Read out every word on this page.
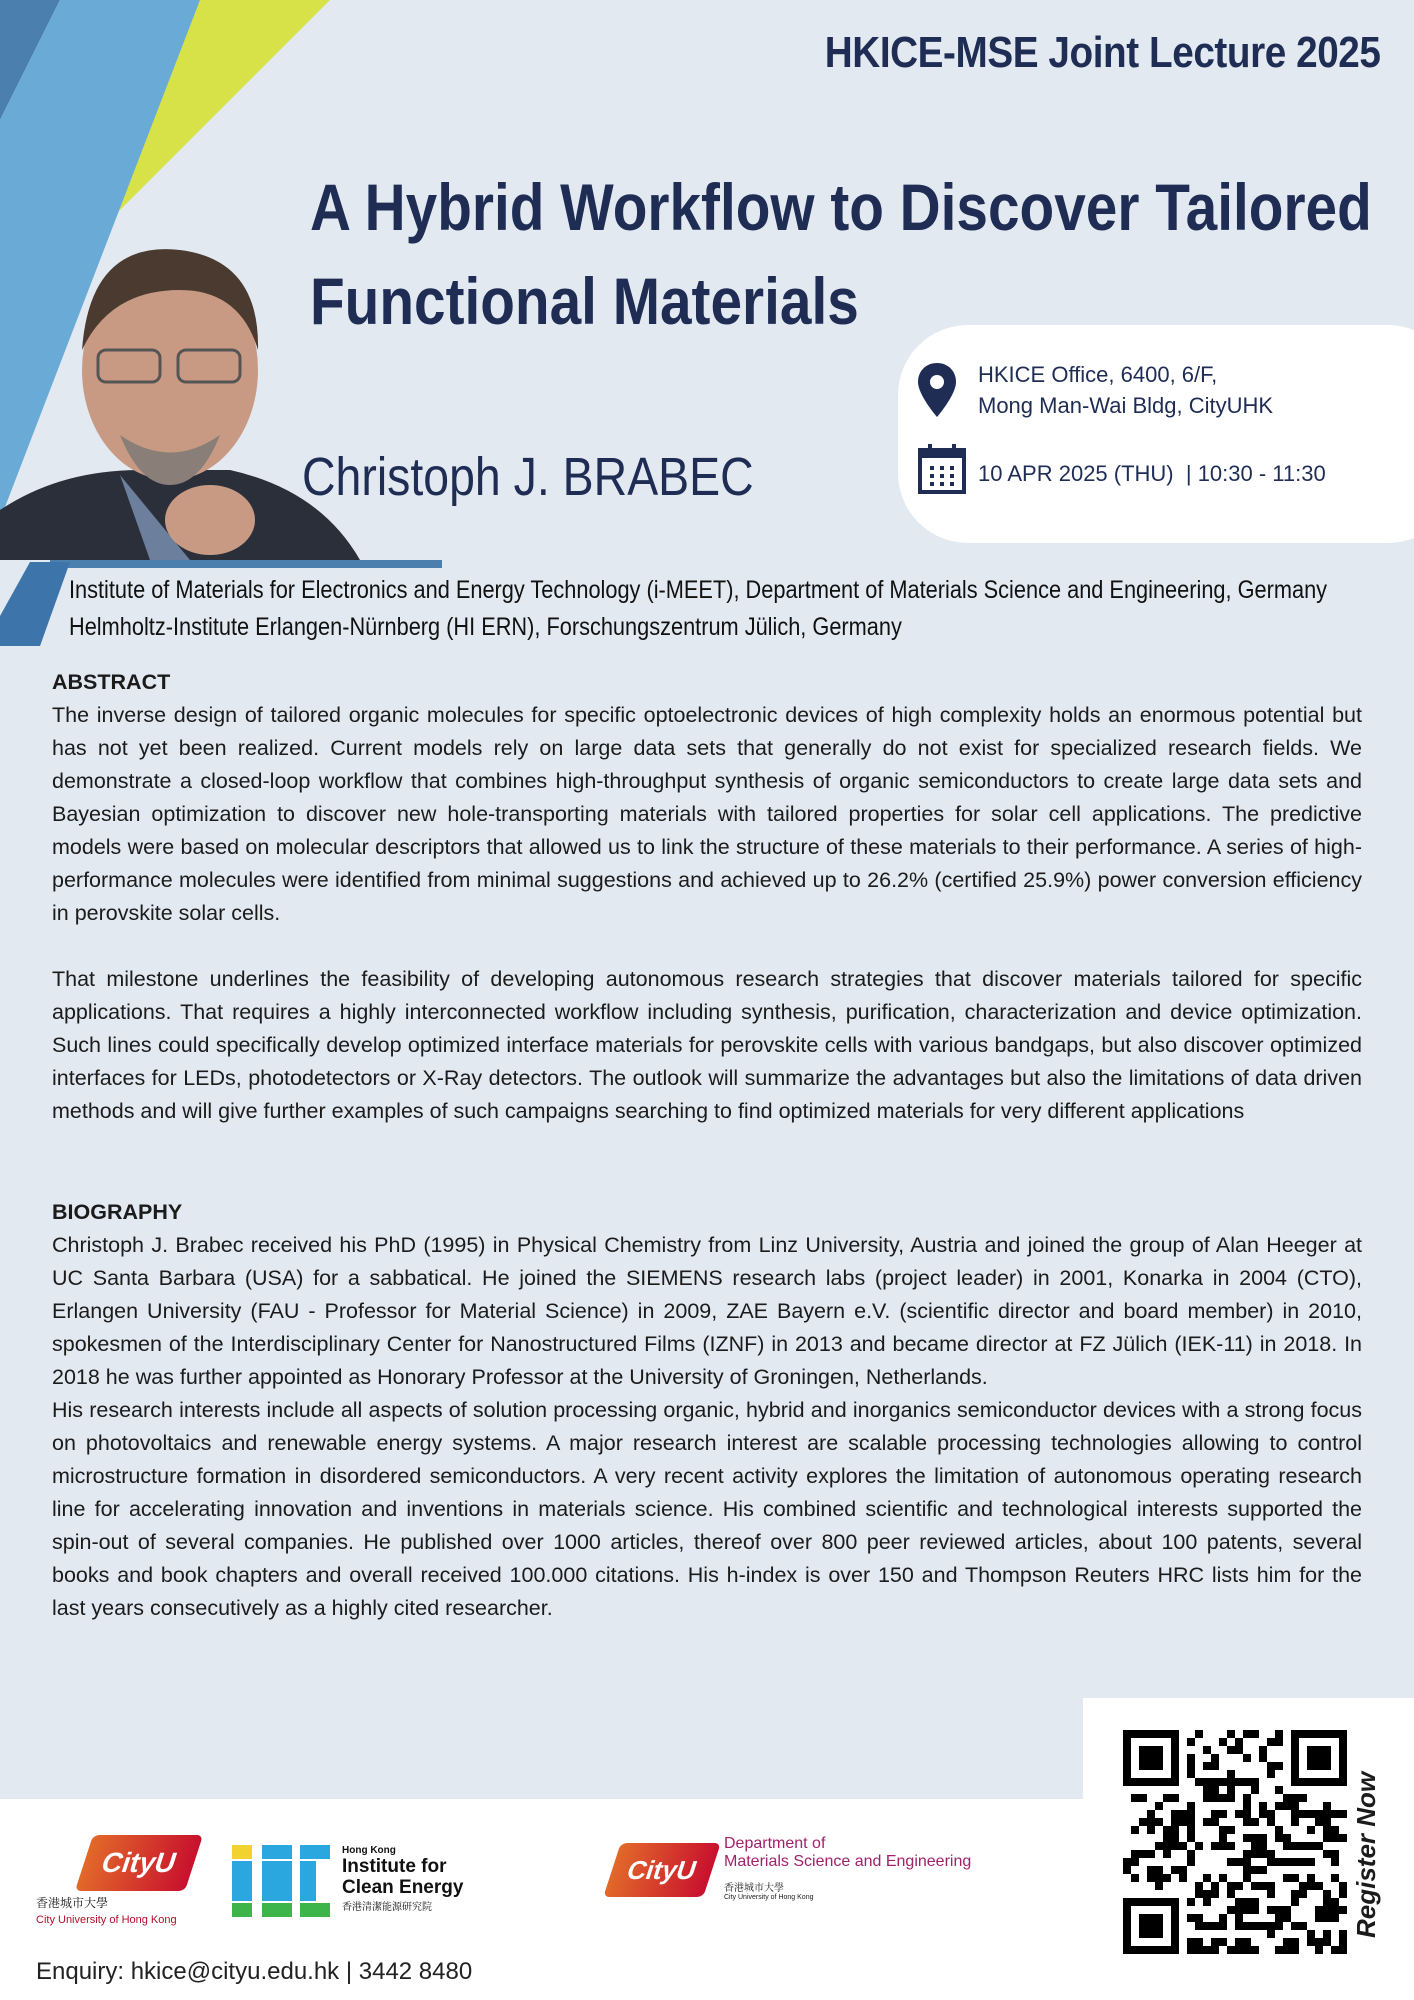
HKICE-MSE Joint Lecture 2025
A Hybrid Workflow to Discover Tailored
Functional Materials
Christoph J. BRABEC
HKICE Office, 6400, 6/F,
Mong Man-Wai Bldg, CityUHK
10 APR 2025 (THU)  | 10:30 - 11:30
Institute of Materials for Electronics and Energy Technology (i-MEET), Department of Materials Science and Engineering, Germany
Helmholtz-Institute Erlangen-Nürnberg (HI ERN), Forschungszentrum Jülich, Germany
ABSTRACT

The inverse design of tailored organic molecules for specific optoelectronic devices of high complexity holds an enormous potential but has not yet been realized. Current models rely on large data sets that generally do not exist for specialized research fields. We demonstrate a closed-loop workflow that combines high-throughput synthesis of organic semiconductors to create large data sets and Bayesian optimization to discover new hole-transporting materials with tailored properties for solar cell applications. The predictive models were based on molecular descriptors that allowed us to link the structure of these materials to their performance. A series of high-performance molecules were identified from minimal suggestions and achieved up to 26.2% (certified 25.9%) power conversion efficiency in perovskite solar cells.

That milestone underlines the feasibility of developing autonomous research strategies that discover materials tailored for specific applications. That requires a highly interconnected workflow including synthesis, purification, characterization and device optimization. Such lines could specifically develop optimized interface materials for perovskite cells with various bandgaps, but also discover optimized interfaces for LEDs, photodetectors or X-Ray detectors. The outlook will summarize the advantages but also the limitations of data driven methods and will give further examples of such campaigns searching to find optimized materials for very different applications

BIOGRAPHY

Christoph J. Brabec received his PhD (1995) in Physical Chemistry from Linz University, Austria and joined the group of Alan Heeger at UC Santa Barbara (USA) for a sabbatical. He joined the SIEMENS research labs (project leader) in 2001, Konarka in 2004 (CTO), Erlangen University (FAU - Professor for Material Science) in 2009, ZAE Bayern e.V. (scientific director and board member) in 2010, spokesmen of the Interdisciplinary Center for Nanostructured Films (IZNF) in 2013 and became director at FZ Jülich (IEK-11) in 2018. In 2018 he was further appointed as Honorary Professor at the University of Groningen, Netherlands.

His research interests include all aspects of solution processing organic, hybrid and inorganics semiconductor devices with a strong focus on photovoltaics and renewable energy systems. A major research interest are scalable processing technologies allowing to control microstructure formation in disordered semiconductors. A very recent activity explores the limitation of autonomous operating research line for accelerating innovation and inventions in materials science. His combined scientific and technological interests supported the spin-out of several companies. He published over 1000 articles, thereof over 800 peer reviewed articles, about 100 patents, several books and book chapters and overall received 100.000 citations. His h-index is over 150 and Thompson Reuters HRC lists him for the last years consecutively as a highly cited researcher.

CityU
香港城市大學
City University of Hong Kong
Hong Kong
Institute for
Clean Energy
香港清潔能源研究院
CityU
Department of
Materials Science and Engineering
香港城市大學
City University of Hong Kong	Register Now
Enquiry: hkice@cityu.edu.hk | 3442 8480
